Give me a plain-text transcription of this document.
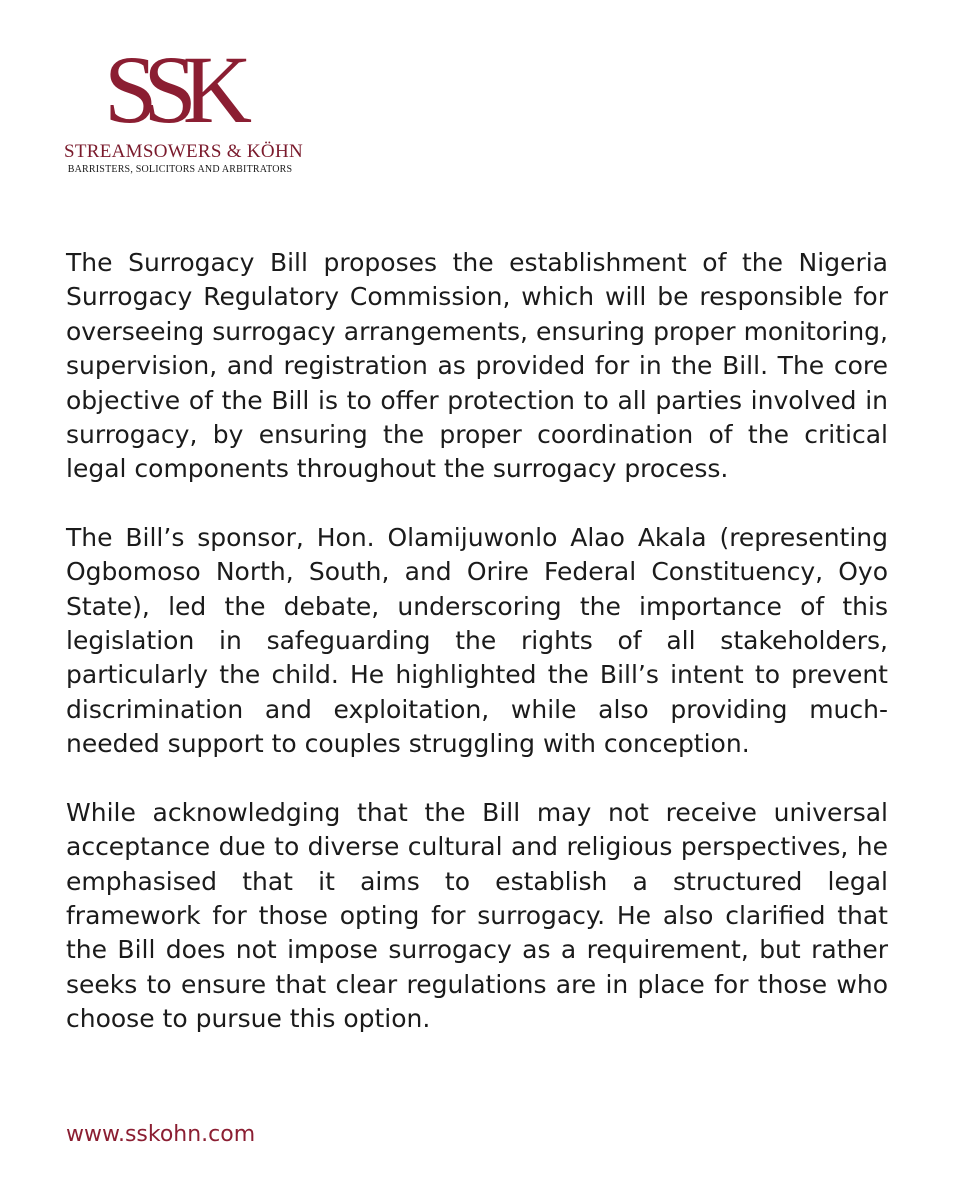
SSK
STREAMSOWERS & KÖHN
BARRISTERS, SOLICITORS AND ARBITRATORS

The Surrogacy Bill proposes the establishment of the Nigeria Surrogacy Regulatory Commission, which will be responsible for overseeing surrogacy arrangements, ensuring proper monitoring, supervision, and registration as provided for in the Bill. The core objective of the Bill is to offer protection to all parties involved in surrogacy, by ensuring the proper coordination of the critical legal components throughout the surrogacy process.

The Bill’s sponsor, Hon. Olamijuwonlo Alao Akala (representing Ogbomoso North, South, and Orire Federal Constituency, Oyo State), led the debate, underscoring the importance of this legislation in safeguarding the rights of all stakeholders, particularly the child. He highlighted the Bill’s intent to prevent discrimination and exploitation, while also providing much-needed support to couples struggling with conception.

While acknowledging that the Bill may not receive universal acceptance due to diverse cultural and religious perspectives, he emphasised that it aims to establish a structured legal framework for those opting for surrogacy. He also clarified that the Bill does not impose surrogacy as a requirement, but rather seeks to ensure that clear regulations are in place for those who choose to pursue this option.

www.sskohn.com
